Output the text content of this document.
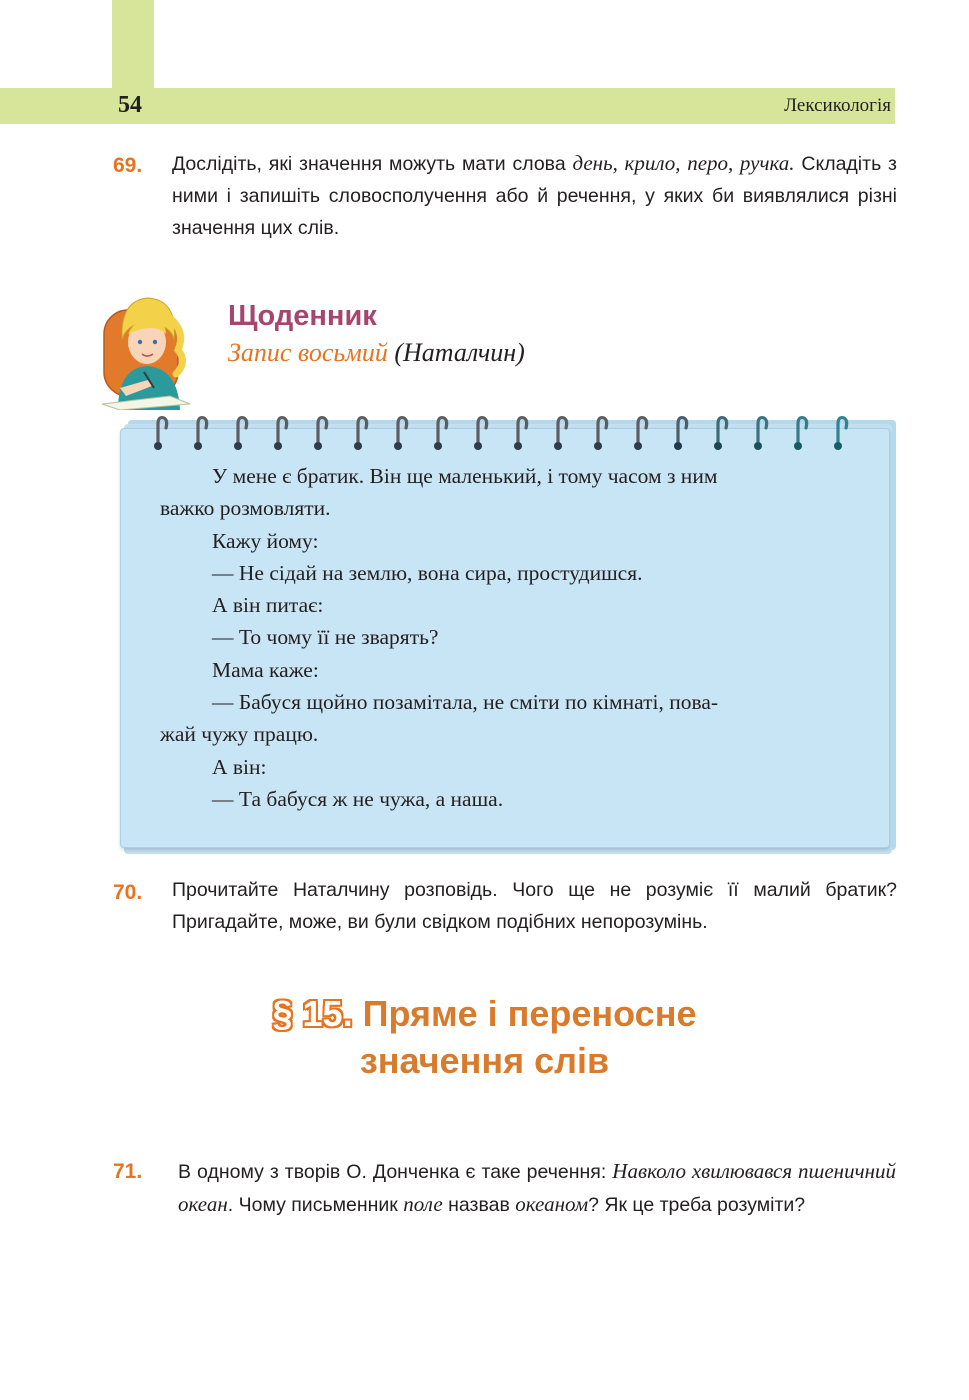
54	Лексикологія
69. Дослідіть, які значення можуть мати слова день, крило, перо, ручка. Складіть з ними і запишіть словосполучення або й речення, у яких би виявлялися різні значення цих слів.
Щоденник
Запис восьмий (Наталчин)
У мене є братик. Він ще маленький, і тому часом з ним
важко розмовляти.
Кажу йому:
— Не сідай на землю, вона сира, простудишся.
А він питає:
— То чому її не зварять?
Мама каже:
— Бабуся щойно позамітала, не сміти по кімнаті, пова-
жай чужу працю.
А він:
— Та бабуся ж не чужа, а наша.
70. Прочитайте Наталчину розповідь. Чого ще не розуміє її малий братик? Пригадайте, може, ви були свідком подібних непорозумінь.
§ 15. Пряме і переносне
значення слів
71. В одному з творів О. Донченка є таке речення: Навколо хвилювався пшеничний океан. Чому письменник поле назвав океаном? Як це треба розуміти?
